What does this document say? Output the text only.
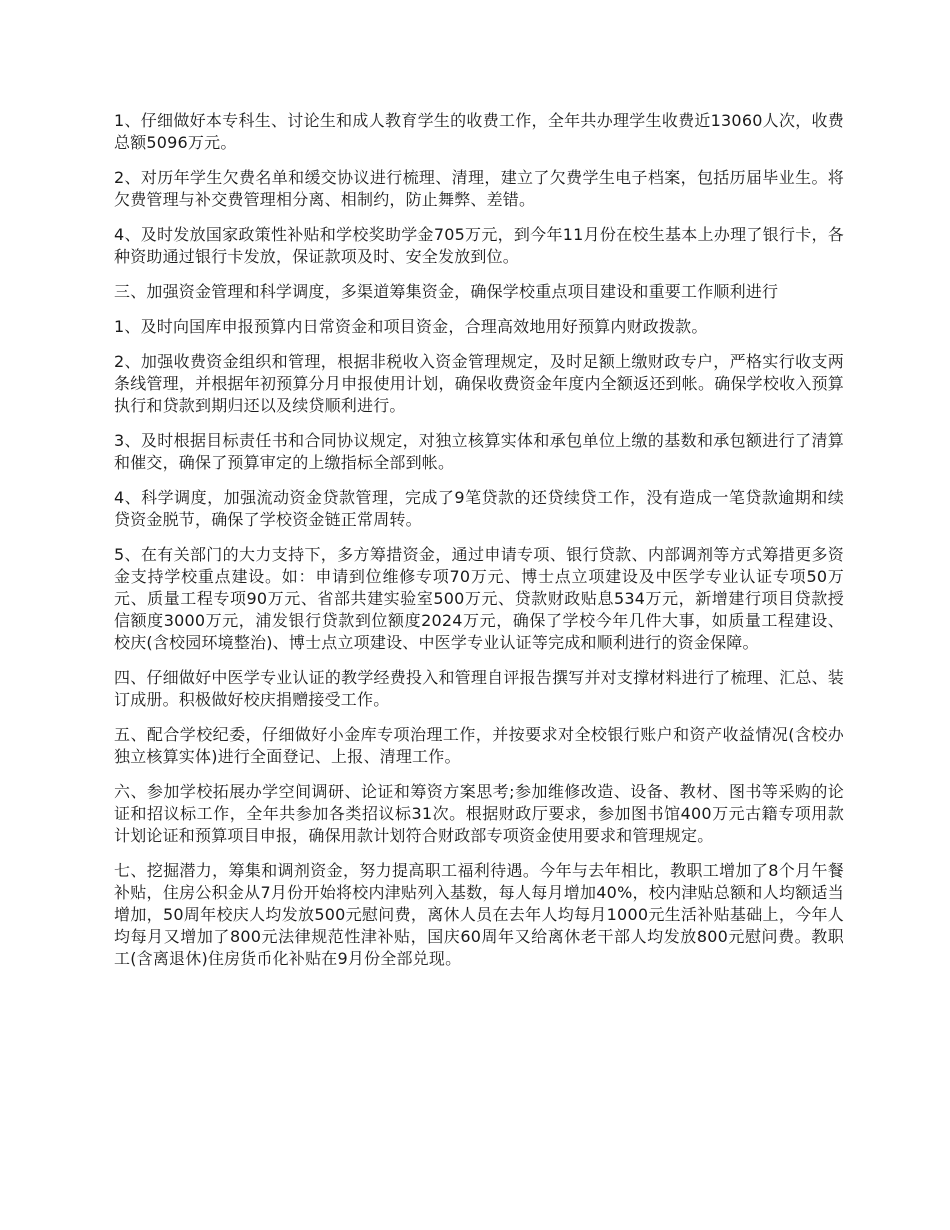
1、仔细做好本专科生、讨论生和成人教育学生的收费工作，全年共办理学生收费近13060人次，收费总额5096万元。

2、对历年学生欠费名单和缓交协议进行梳理、清理，建立了欠费学生电子档案，包括历届毕业生。将欠费管理与补交费管理相分离、相制约，防止舞弊、差错。

4、及时发放国家政策性补贴和学校奖助学金705万元，到今年11月份在校生基本上办理了银行卡，各种资助通过银行卡发放，保证款项及时、安全发放到位。

三、加强资金管理和科学调度，多渠道筹集资金，确保学校重点项目建设和重要工作顺利进行

1、及时向国库申报预算内日常资金和项目资金，合理高效地用好预算内财政拨款。

2、加强收费资金组织和管理，根据非税收入资金管理规定，及时足额上缴财政专户，严格实行收支两条线管理，并根据年初预算分月申报使用计划，确保收费资金年度内全额返还到帐。确保学校收入预算执行和贷款到期归还以及续贷顺利进行。

3、及时根据目标责任书和合同协议规定，对独立核算实体和承包单位上缴的基数和承包额进行了清算和催交，确保了预算审定的上缴指标全部到帐。

4、科学调度，加强流动资金贷款管理，完成了9笔贷款的还贷续贷工作，没有造成一笔贷款逾期和续贷资金脱节，确保了学校资金链正常周转。

5、在有关部门的大力支持下，多方筹措资金，通过申请专项、银行贷款、内部调剂等方式筹措更多资金支持学校重点建设。如：申请到位维修专项70万元、博士点立项建设及中医学专业认证专项50万元、质量工程专项90万元、省部共建实验室500万元、贷款财政贴息534万元，新增建行项目贷款授信额度3000万元，浦发银行贷款到位额度2024万元，确保了学校今年几件大事，如质量工程建设、校庆(含校园环境整治)、博士点立项建设、中医学专业认证等完成和顺利进行的资金保障。

四、仔细做好中医学专业认证的教学经费投入和管理自评报告撰写并对支撑材料进行了梳理、汇总、装订成册。积极做好校庆捐赠接受工作。

五、配合学校纪委，仔细做好小金库专项治理工作，并按要求对全校银行账户和资产收益情况(含校办独立核算实体)进行全面登记、上报、清理工作。

六、参加学校拓展办学空间调研、论证和筹资方案思考;参加维修改造、设备、教材、图书等采购的论证和招议标工作，全年共参加各类招议标31次。根据财政厅要求，参加图书馆400万元古籍专项用款计划论证和预算项目申报，确保用款计划符合财政部专项资金使用要求和管理规定。

七、挖掘潜力，筹集和调剂资金，努力提高职工福利待遇。今年与去年相比，教职工增加了8个月午餐补贴，住房公积金从7月份开始将校内津贴列入基数，每人每月增加40%，校内津贴总额和人均额适当增加，50周年校庆人均发放500元慰问费，离休人员在去年人均每月1000元生活补贴基础上，今年人均每月又增加了800元法律规范性津补贴，国庆60周年又给离休老干部人均发放800元慰问费。教职工(含离退休)住房货币化补贴在9月份全部兑现。
